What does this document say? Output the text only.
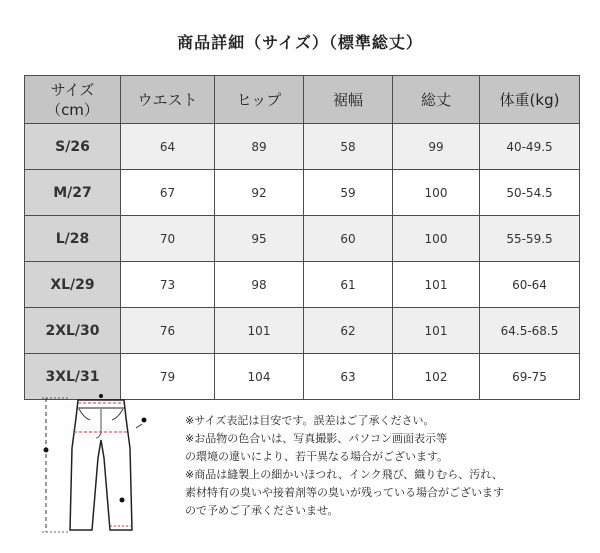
商品詳細（サイズ）（標準総丈）
サイズ
（cm）	ウエスト	ヒップ	裾幅	総丈	体重(kg)
S/26	64	89	58	99	40-49.5
M/27	67	92	59	100	50-54.5
L/28	70	95	60	100	55-59.5
XL/29	73	98	61	101	60-64
2XL/30	76	101	62	101	64.5-68.5
3XL/31	79	104	63	102	69-75
※サイズ表記は目安です。誤差はご了承ください。
※お品物の色合いは、写真撮影、パソコン画面表示等
の環境の違いにより、若干異なる場合がございます。
※商品は縫製上の細かいほつれ、インク飛び、織りむら、汚れ、
素材特有の臭いや接着剤等の臭いが残っている場合がございます
ので予めご了承くださいませ。
